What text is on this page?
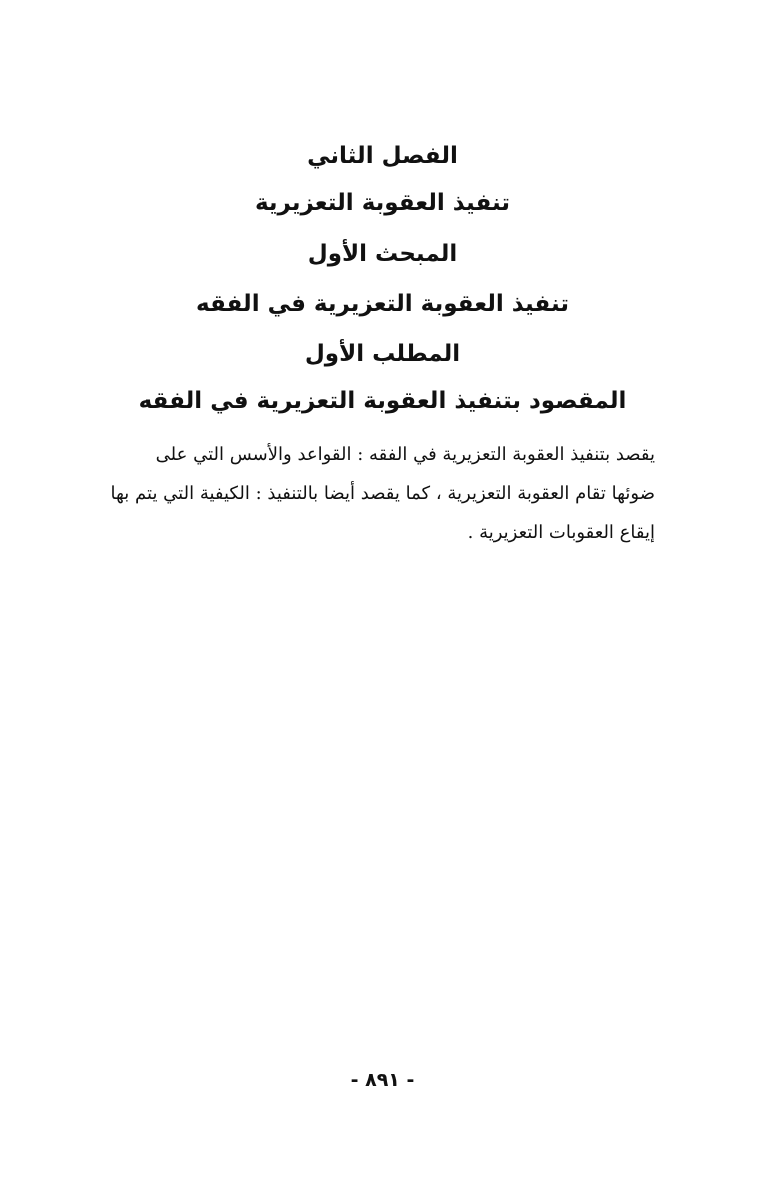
الفصل الثاني
تنفيذ العقوبة التعزيرية
المبحث الأول
تنفيذ العقوبة التعزيرية في الفقه
المطلب الأول
المقصود بتنفيذ العقوبة التعزيرية في الفقه
يقصد بتنفيذ العقوبة التعزيرية في الفقه : القواعد والأسس التي على
ضوئها تقام العقوبة التعزيرية ، كما يقصد أيضا بالتنفيذ : الكيفية التي يتم بها
إيقاع العقوبات التعزيرية .
- ٨٩١ -
